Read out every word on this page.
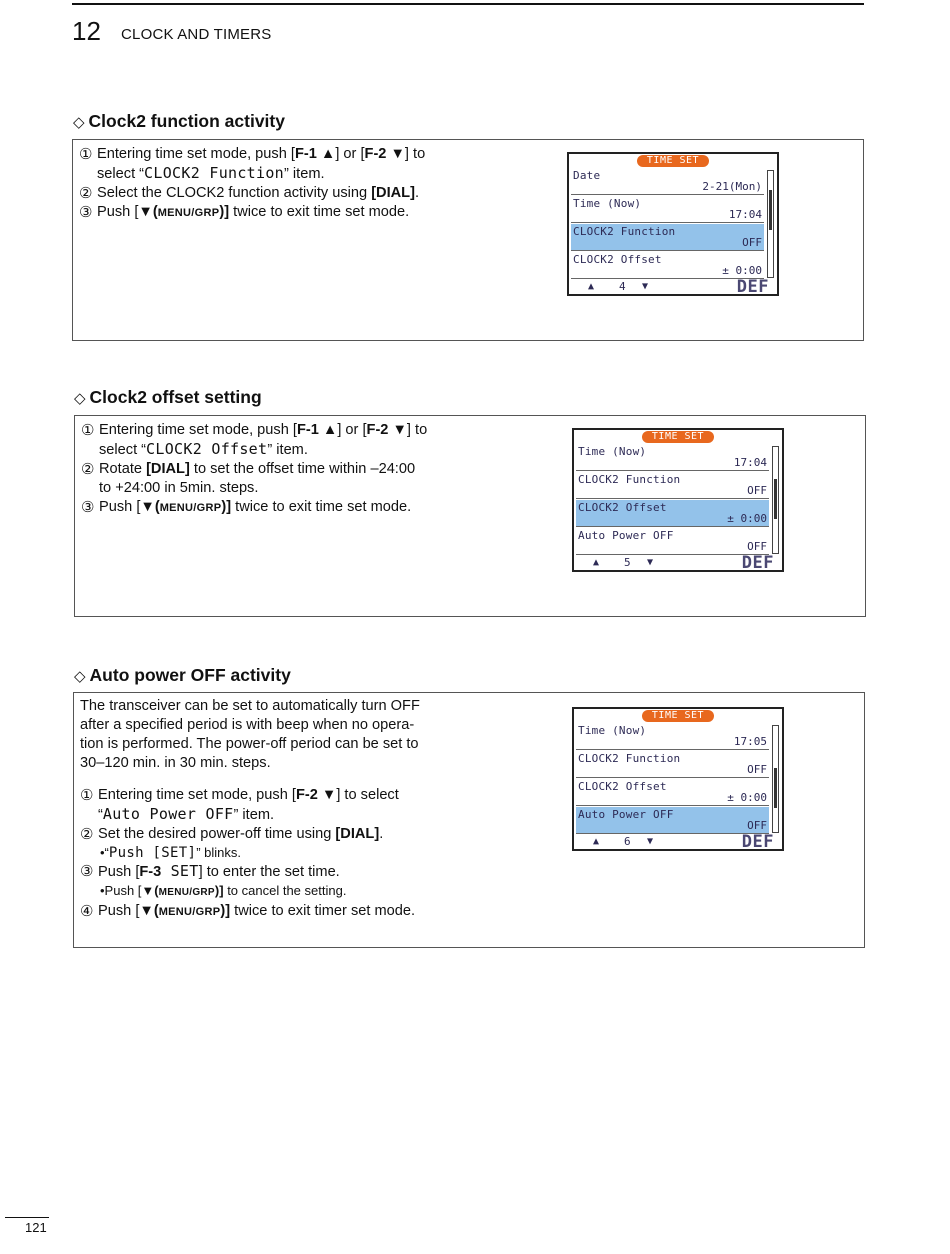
12 CLOCK AND TIMERS
◇ Clock2 function activity
① Entering time set mode, push [F-1 ▲] or [F-2 ▼] to
select “CLOCK2 Function” item.
② Select the CLOCK2 function activity using [DIAL].
③ Push [▼(MENU/GRP)] twice to exit time set mode.
TIME SET
Date
2-21(Mon)
Time (Now)
17:04
CLOCK2 Function
OFF
CLOCK2 Offset
± 0:00
▲ 4 ▼	DEF
◇ Clock2 offset setting
① Entering time set mode, push [F-1 ▲] or [F-2 ▼] to
select “CLOCK2 Offset” item.
② Rotate [DIAL] to set the offset time within –24:00
to +24:00 in 5min. steps.
③ Push [▼(MENU/GRP)] twice to exit time set mode.
TIME SET
Time (Now)
17:04
CLOCK2 Function
OFF
CLOCK2 Offset
± 0:00
Auto Power OFF
OFF
▲ 5 ▼	DEF
◇ Auto power OFF activity
The transceiver can be set to automatically turn OFF
after a specified period is with beep when no opera-
tion is performed. The power-off period can be set to
30–120 min. in 30 min. steps.
① Entering time set mode, push [F-2 ▼] to select
“Auto Power OFF” item.
② Set the desired power-off time using [DIAL].
•“Push [SET]” blinks.
③ Push [F-3 SET] to enter the set time.
•Push [▼(MENU/GRP)] to cancel the setting.
④ Push [▼(MENU/GRP)] twice to exit timer set mode.
TIME SET
Time (Now)
17:05
CLOCK2 Function
OFF
CLOCK2 Offset
± 0:00
Auto Power OFF
OFF
▲ 6 ▼	DEF
121
